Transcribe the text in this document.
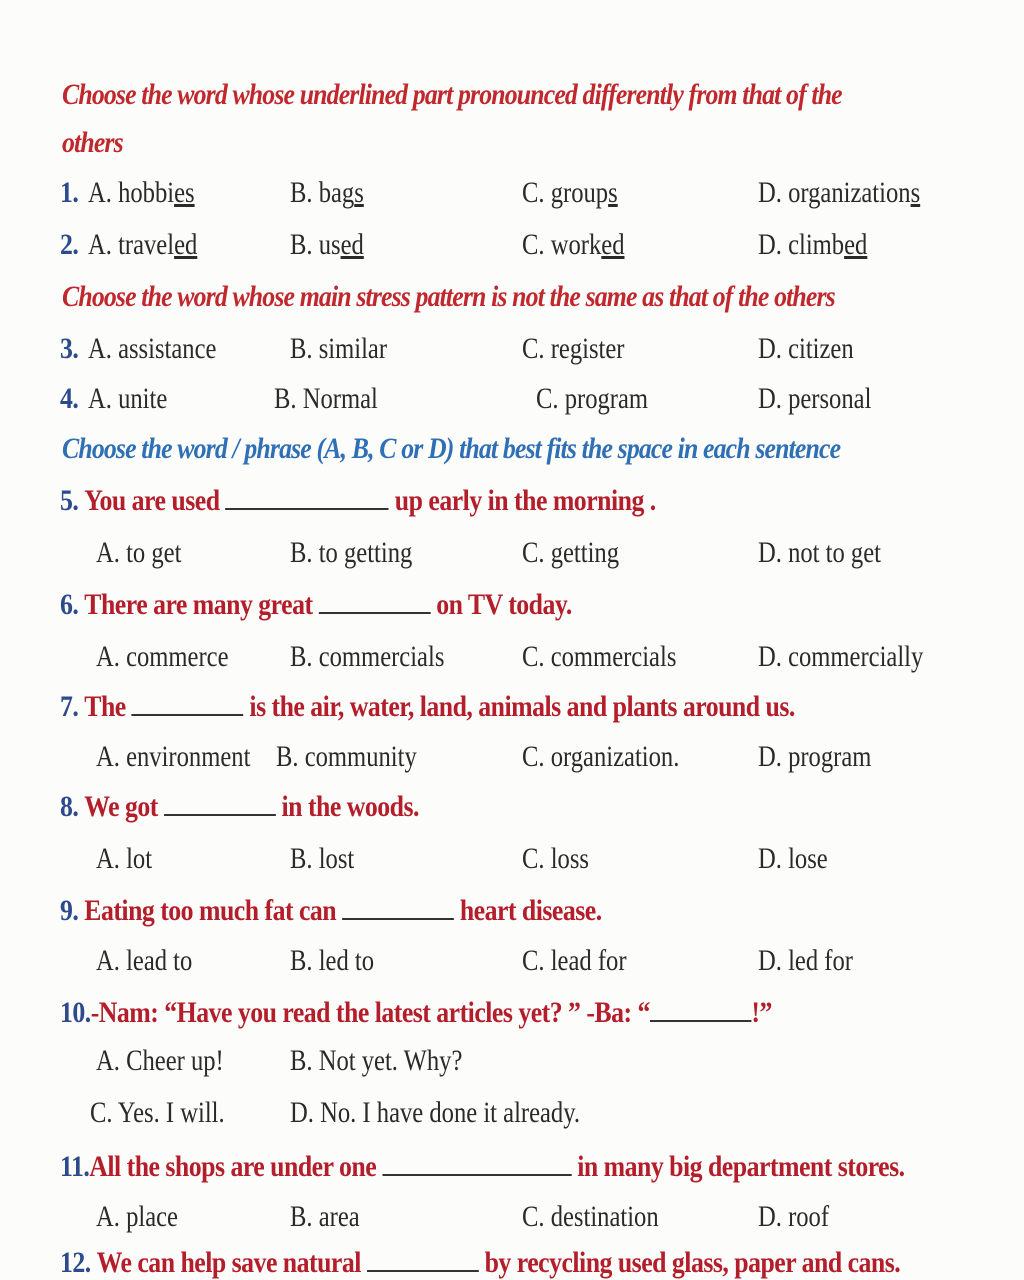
Choose the word whose underlined part pronounced differently from that of the
others
1. A. hobbies	B. bags	C. groups	D. organizations
2. A. traveled	B. used	C. worked	D. climbed
Choose the word whose main stress pattern is not the same as that of the others
3. A. assistance B. similar	C. register	D. citizen
4. A. unite	B. Normal	C. program	D. personal
Choose the word / phrase (A, B, C or D) that best fits the space in each sentence
5. You are used	up early in the morning .
A. to get	B. to getting	C. getting	D. not to get
6. There are many great	on TV today.
A. commerce B. commercials	C. commercials	D. commercially
7. The	is the air, water, land, animals and plants around us.
A. environment B. community	C. organization.	D. program
8. We got	in the woods.
A. lot	B. lost	C. loss	D. lose
9. Eating too much fat can	heart disease.
A. lead to	B. led to	C. lead for	D. led for
10.-Nam: “Have you read the latest articles yet? ” -Ba: “	!”
A. Cheer up! B. Not yet. Why?
C. Yes. I will. D. No. I have done it already.
11.All the shops are under one	in many big department stores.
A. place	B. area	C. destination	D. roof
12. We can help save natural	by recycling used glass, paper and cans.
